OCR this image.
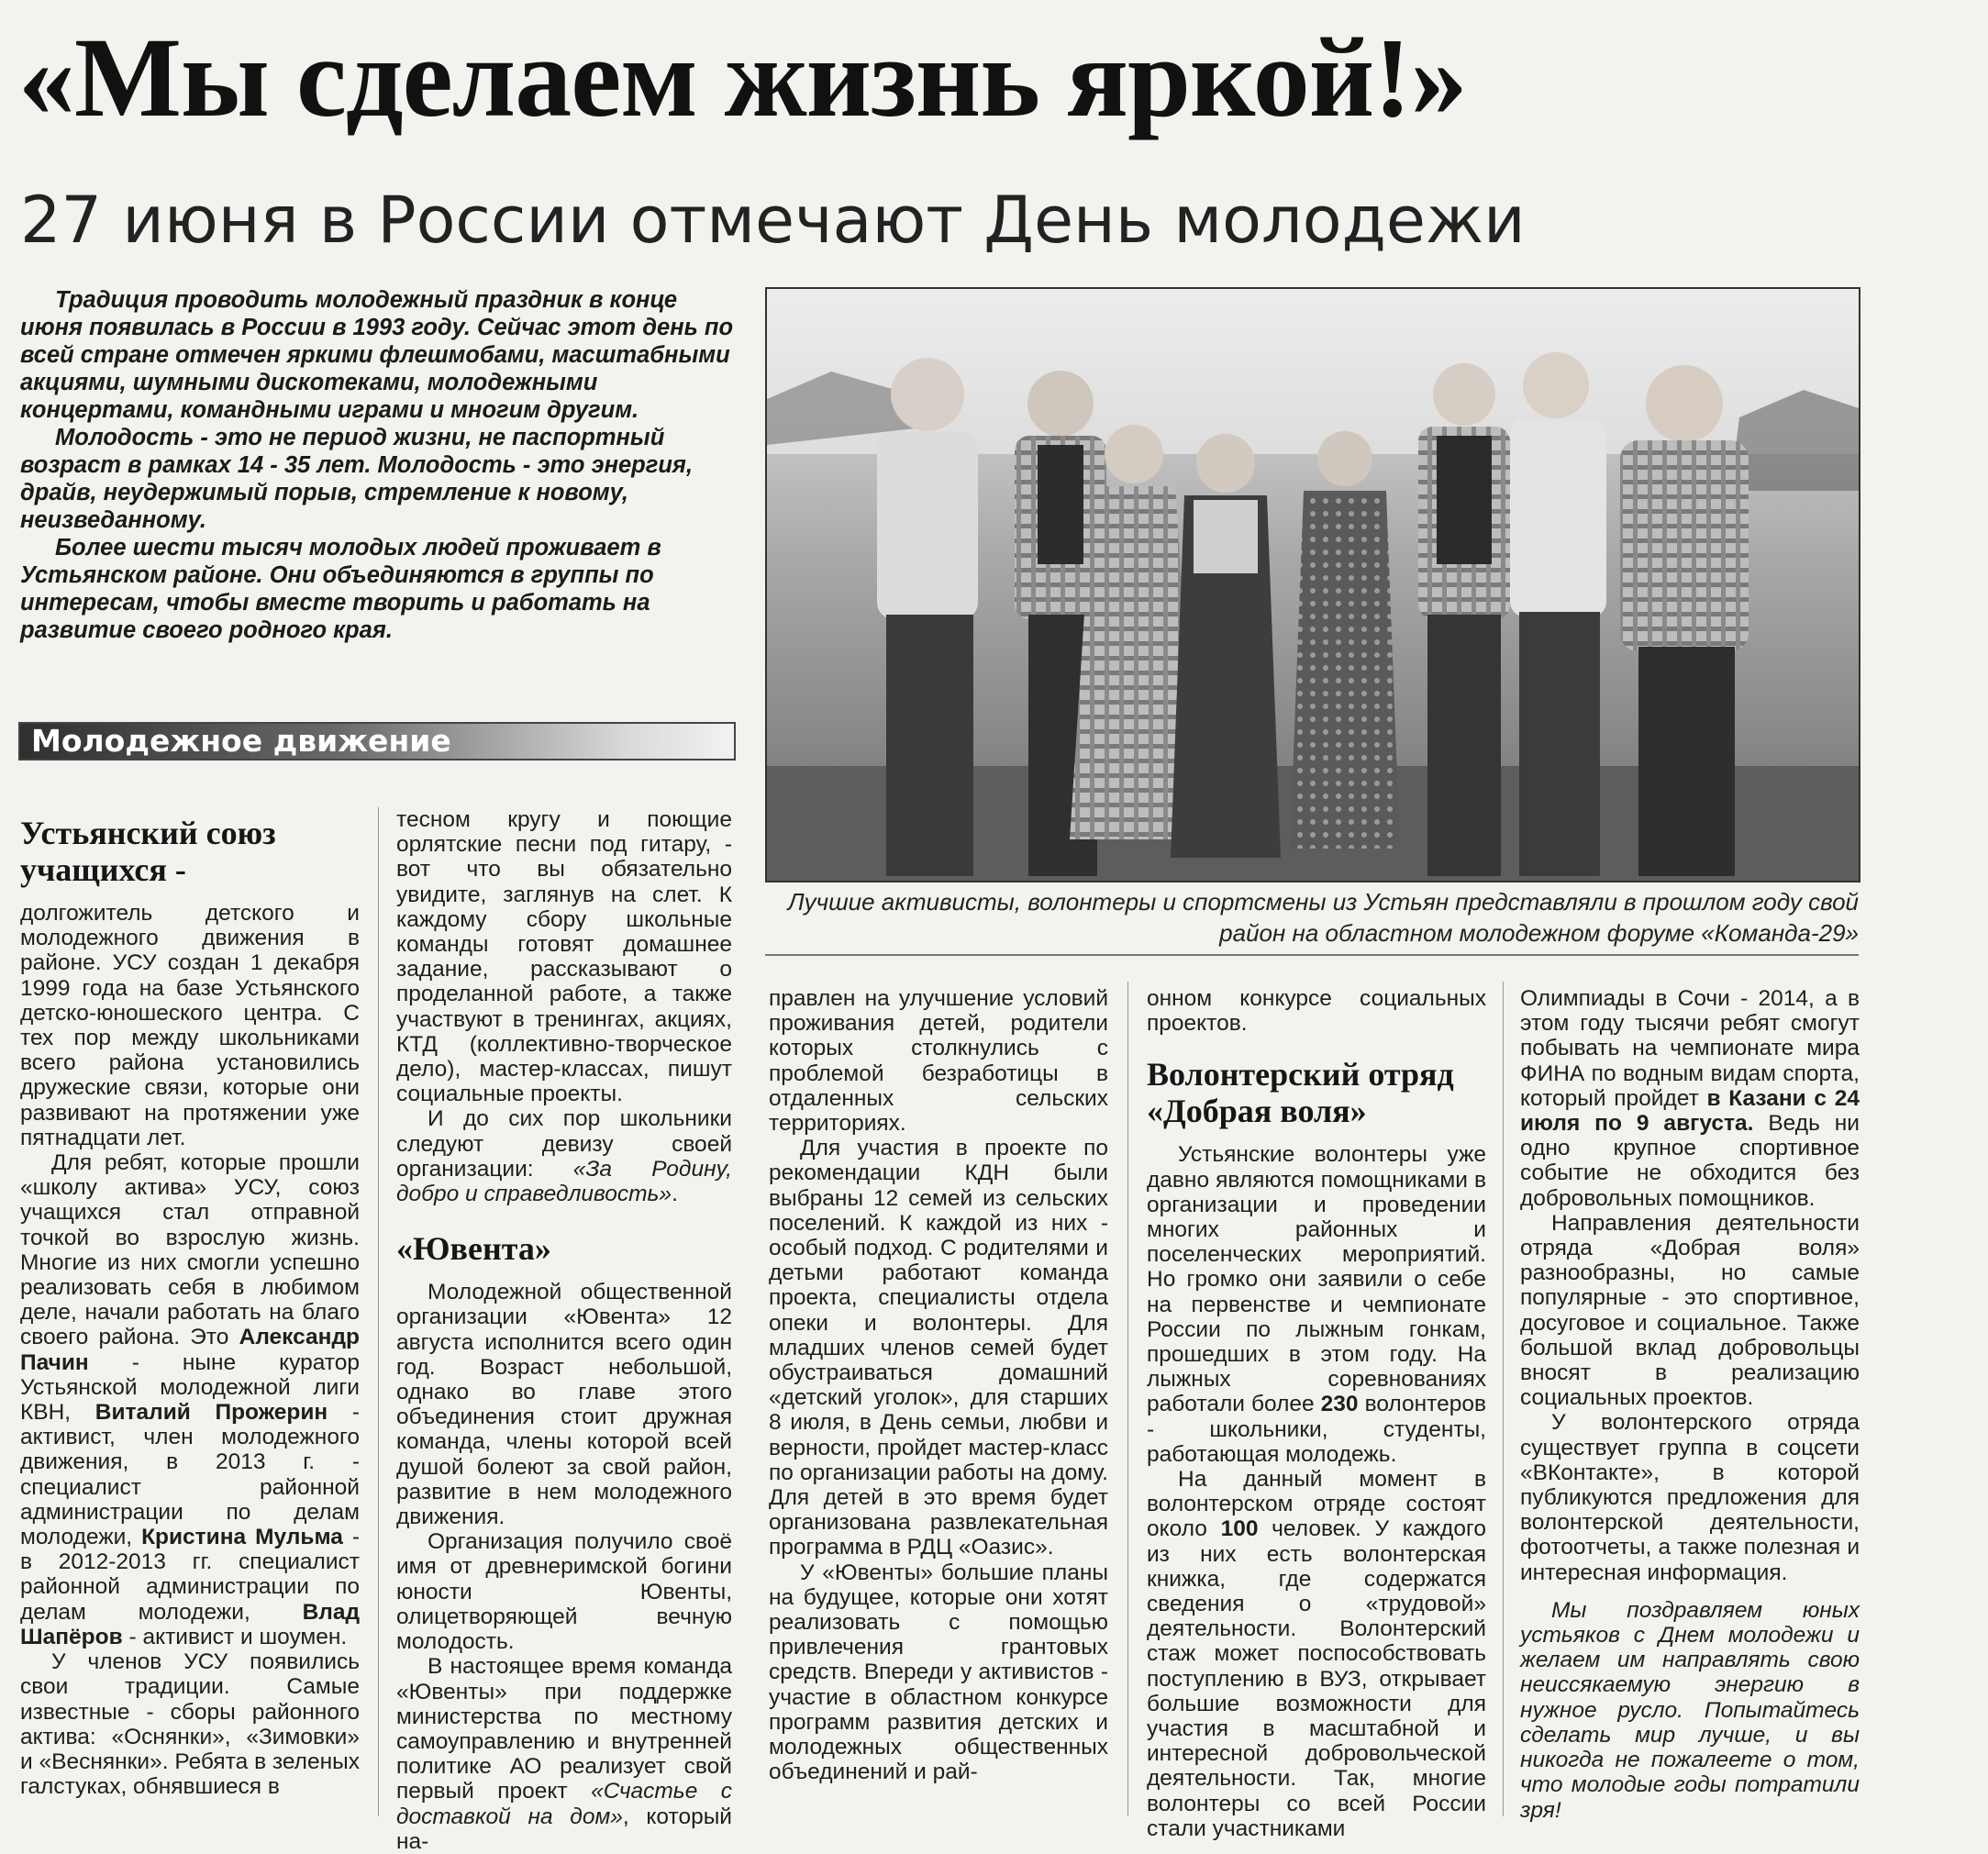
«Мы сделаем жизнь яркой!»
27 июня в России отмечают День молодежи

Традиция проводить молодежный праздник в конце июня появилась в России в 1993 году. Сейчас этот день по всей стране отмечен яркими флешмобами, масштабными акциями, шумными дискотеками, молодежными концертами, командными играми и многим другим.

Молодость - это не период жизни, не паспортный возраст в рамках 14 - 35 лет. Молодость - это энергия, драйв, неудержимый порыв, стремление к новому, неизведанному.

Более шести тысяч молодых людей проживает в Устьянском районе. Они объединяются в группы по интересам, чтобы вместе творить и работать на развитие своего родного края.

Молодежное движение
Лучшие активисты, волонтеры и спортсмены из Устьян представляли в прошлом году свой район на областном молодежном форуме «Команда-29»
Устьянский союз учащихся -

долгожитель детского и молодежного движения в районе. УСУ создан 1 декабря 1999 года на базе Устьянского детско-юношеского центра. С тех пор между школьниками всего района установились дружеские связи, которые они развивают на протяжении уже пятнадцати лет.

Для ребят, которые прошли «школу актива» УСУ, союз учащихся стал отправной точкой во взрослую жизнь. Многие из них смогли успешно реализовать себя в любимом деле, начали работать на благо своего района. Это Александр Пачин - ныне куратор Устьянской молодежной лиги КВН, Виталий Прожерин - активист, член молодежного движения, в 2013 г. - специалист районной администрации по делам молодежи, Кристина Мульма - в 2012-2013 гг. специалист районной администрации по делам молодежи, Влад Шапёров - активист и шоумен.

У членов УСУ появились свои традиции. Самые известные - сборы районного актива: «Оснянки», «Зимовки» и «Веснянки». Ребята в зеленых галстуках, обнявшиеся в

тесном кругу и поющие орлятские песни под гитару, - вот что вы обязательно увидите, заглянув на слет. К каждому сбору школьные команды готовят домашнее задание, рассказывают о проделанной работе, а также участвуют в тренингах, акциях, КТД (коллективно-творческое дело), мастер-классах, пишут социальные проекты.

И до сих пор школьники следуют девизу своей организации: «За Родину, добро и справедливость».

«Ювента»

Молодежной общественной организации «Ювента» 12 августа исполнится всего один год. Возраст небольшой, однако во главе этого объединения стоит дружная команда, члены которой всей душой болеют за свой район, развитие в нем молодежного движения.

Организация получило своё имя от древнеримской богини юности Ювенты, олицетворяющей вечную молодость.

В настоящее время команда «Ювенты» при поддержке министерства по местному самоуправлению и внутренней политике АО реализует свой первый проект «Счастье с доставкой на дом», который на-

правлен на улучшение условий проживания детей, родители которых столкнулись с проблемой безработицы в отдаленных сельских территориях.

Для участия в проекте по рекомендации КДН были выбраны 12 семей из сельских поселений. К каждой из них - особый подход. С родителями и детьми работают команда проекта, специалисты отдела опеки и волонтеры. Для младших членов семей будет обустраиваться домашний «детский уголок», для старших 8 июля, в День семьи, любви и верности, пройдет мастер-класс по организации работы на дому. Для детей в это время будет организована развлекательная программа в РДЦ «Оазис».

У «Ювенты» большие планы на будущее, которые они хотят реализовать с помощью привлечения грантовых средств. Впереди у активистов - участие в областном конкурсе программ развития детских и молодежных общественных объединений и рай-

онном конкурсе социальных проектов.

Волонтерский отряд «Добрая воля»

Устьянские волонтеры уже давно являются помощниками в организации и проведении многих районных и поселенческих мероприятий. Но громко они заявили о себе на первенстве и чемпионате России по лыжным гонкам, прошедших в этом году. На лыжных соревнованиях работали более 230 волонтеров - школьники, студенты, работающая молодежь.

На данный момент в волонтерском отряде состоят около 100 человек. У каждого из них есть волонтерская книжка, где содержатся сведения о «трудовой» деятельности. Волонтерский стаж может поспособствовать поступлению в ВУЗ, открывает большие возможности для участия в масштабной и интересной добровольческой деятельности. Так, многие волонтеры со всей России стали участниками

Олимпиады в Сочи - 2014, а в этом году тысячи ребят смогут побывать на чемпионате мира ФИНА по водным видам спорта, который пройдет в Казани с 24 июля по 9 августа. Ведь ни одно крупное спортивное событие не обходится без добровольных помощников.

Направления деятельности отряда «Добрая воля» разнообразны, но самые популярные - это спортивное, досуговое и социальное. Также большой вклад добровольцы вносят в реализацию социальных проектов.

У волонтерского отряда существует группа в соцсети «ВКонтакте», в которой публикуются предложения для волонтерской деятельности, фотоотчеты, а также полезная и интересная информация.

Мы поздравляем юных устьяков с Днем молодежи и желаем им направлять свою неиссякаемую энергию в нужное русло. Попытайтесь сделать мир лучше, и вы никогда не пожалеете о том, что молодые годы потратили зря!
